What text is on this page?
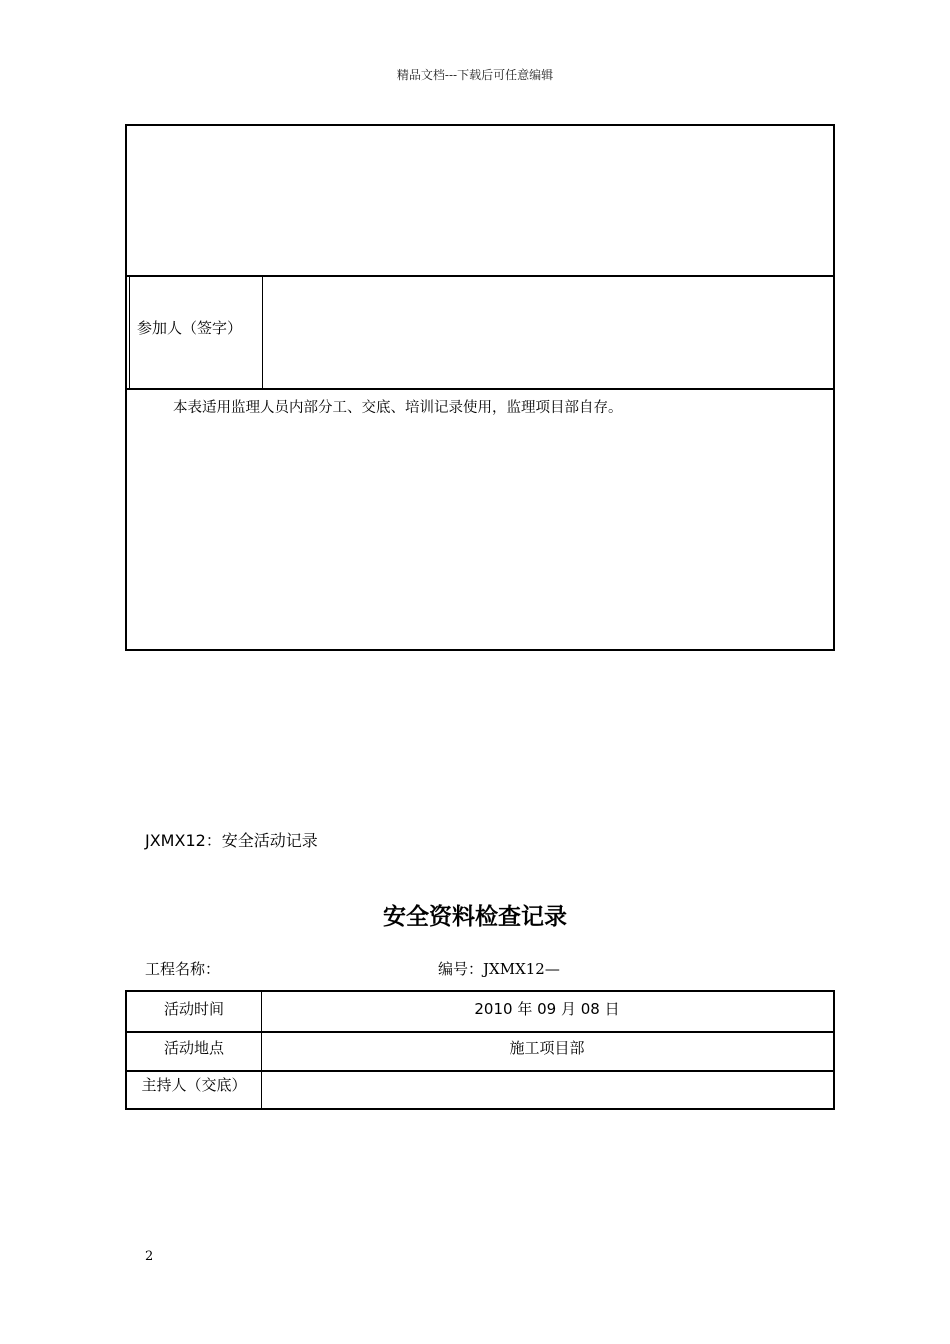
精品文档---下载后可任意编辑
参加人（签字）
本表适用监理人员内部分工、交底、培训记录使用，监理项目部自存。
JXMX12：安全活动记录
安全资料检查记录
工程名称：	编号：JXMX12—
活动时间	2010 年 09 月 08 日
活动地点	施工项目部
主持人（交底）
2
